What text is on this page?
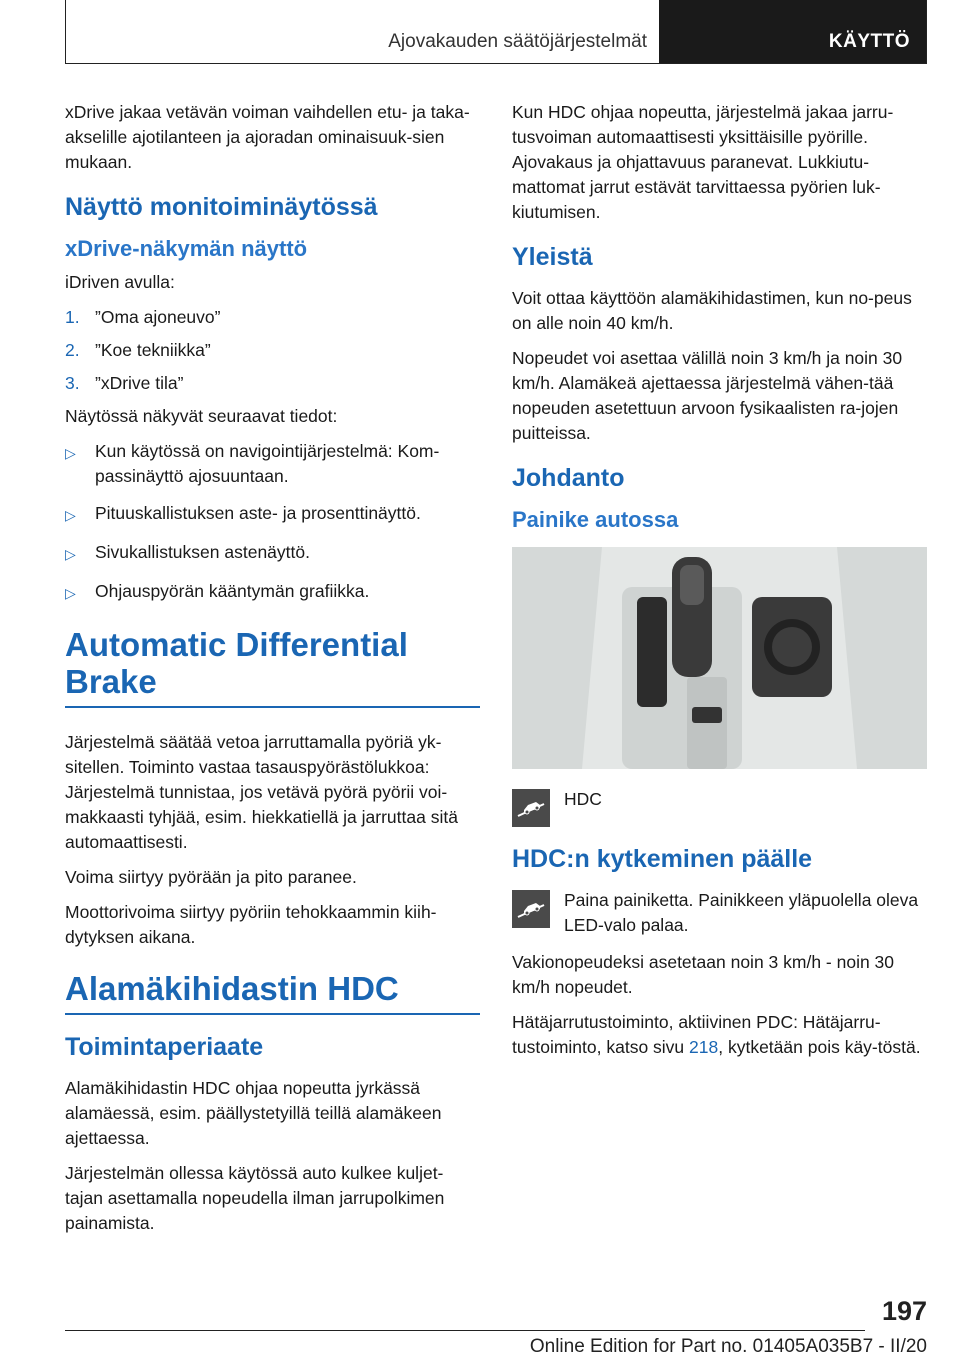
Ajovakauden säätöjärjestelmät	KÄYTTÖ

xDrive jakaa vetävän voiman vaihdellen etu- ja taka-akselille ajotilanteen ja ajoradan ominaisuuk-sien mukaan.

Näyttö monitoiminäytössä
xDrive-näkymän näyttö

iDriven avulla:

1. ”Oma ajoneuvo”
2. ”Koe tekniikka”
3. ”xDrive tila”

Näytössä näkyvät seuraavat tiedot:

▷	Kun käytössä on navigointijärjestelmä: Kom-passinäyttö ajosuuntaan.
▷	Pituuskallistuksen aste- ja prosenttinäyttö.
▷	Sivukallistuksen astenäyttö.
▷	Ohjauspyörän kääntymän grafiikka.
Automatic Differential Brake

Järjestelmä säätää vetoa jarruttamalla pyöriä yk-sitellen. Toiminto vastaa tasauspyörästölukkoa: Järjestelmä tunnistaa, jos vetävä pyörä pyörii voi-makkaasti tyhjää, esim. hiekkatiellä ja jarruttaa sitä automaattisesti.

Voima siirtyy pyörään ja pito paranee.

Moottorivoima siirtyy pyöriin tehokkaammin kiih-dytyksen aikana.

Alamäkihidastin HDC
Toimintaperiaate

Alamäkihidastin HDC ohjaa nopeutta jyrkässä alamäessä, esim. päällystetyillä teillä alamäkeen ajettaessa.

Järjestelmän ollessa käytössä auto kulkee kuljet-tajan asettamalla nopeudella ilman jarrupolkimen painamista.

Kun HDC ohjaa nopeutta, järjestelmä jakaa jarru-tusvoiman automaattisesti yksittäisille pyörille. Ajovakaus ja ohjattavuus paranevat. Lukkiutu-mattomat jarrut estävät tarvittaessa pyörien luk-kiutumisen.

Yleistä

Voit ottaa käyttöön alamäkihidastimen, kun no-peus on alle noin 40 km/h.

Nopeudet voi asettaa välillä noin 3 km/h ja noin 30 km/h. Alamäkeä ajettaessa järjestelmä vähen-tää nopeuden asetettuun arvoon fysikaalisten ra-jojen puitteissa.

Johdanto
Painike autossa
HDC
HDC:n kytkeminen päälle
Paina painiketta. Painikkeen yläpuolella oleva LED-valo palaa.

Vakionopeudeksi asetetaan noin 3 km/h - noin 30 km/h nopeudet.

Hätäjarrutustoiminto, aktiivinen PDC: Hätäjarru-tustoiminto, katso sivu 218, kytketään pois käy-töstä.

197
Online Edition for Part no. 01405A035B7 - II/20
